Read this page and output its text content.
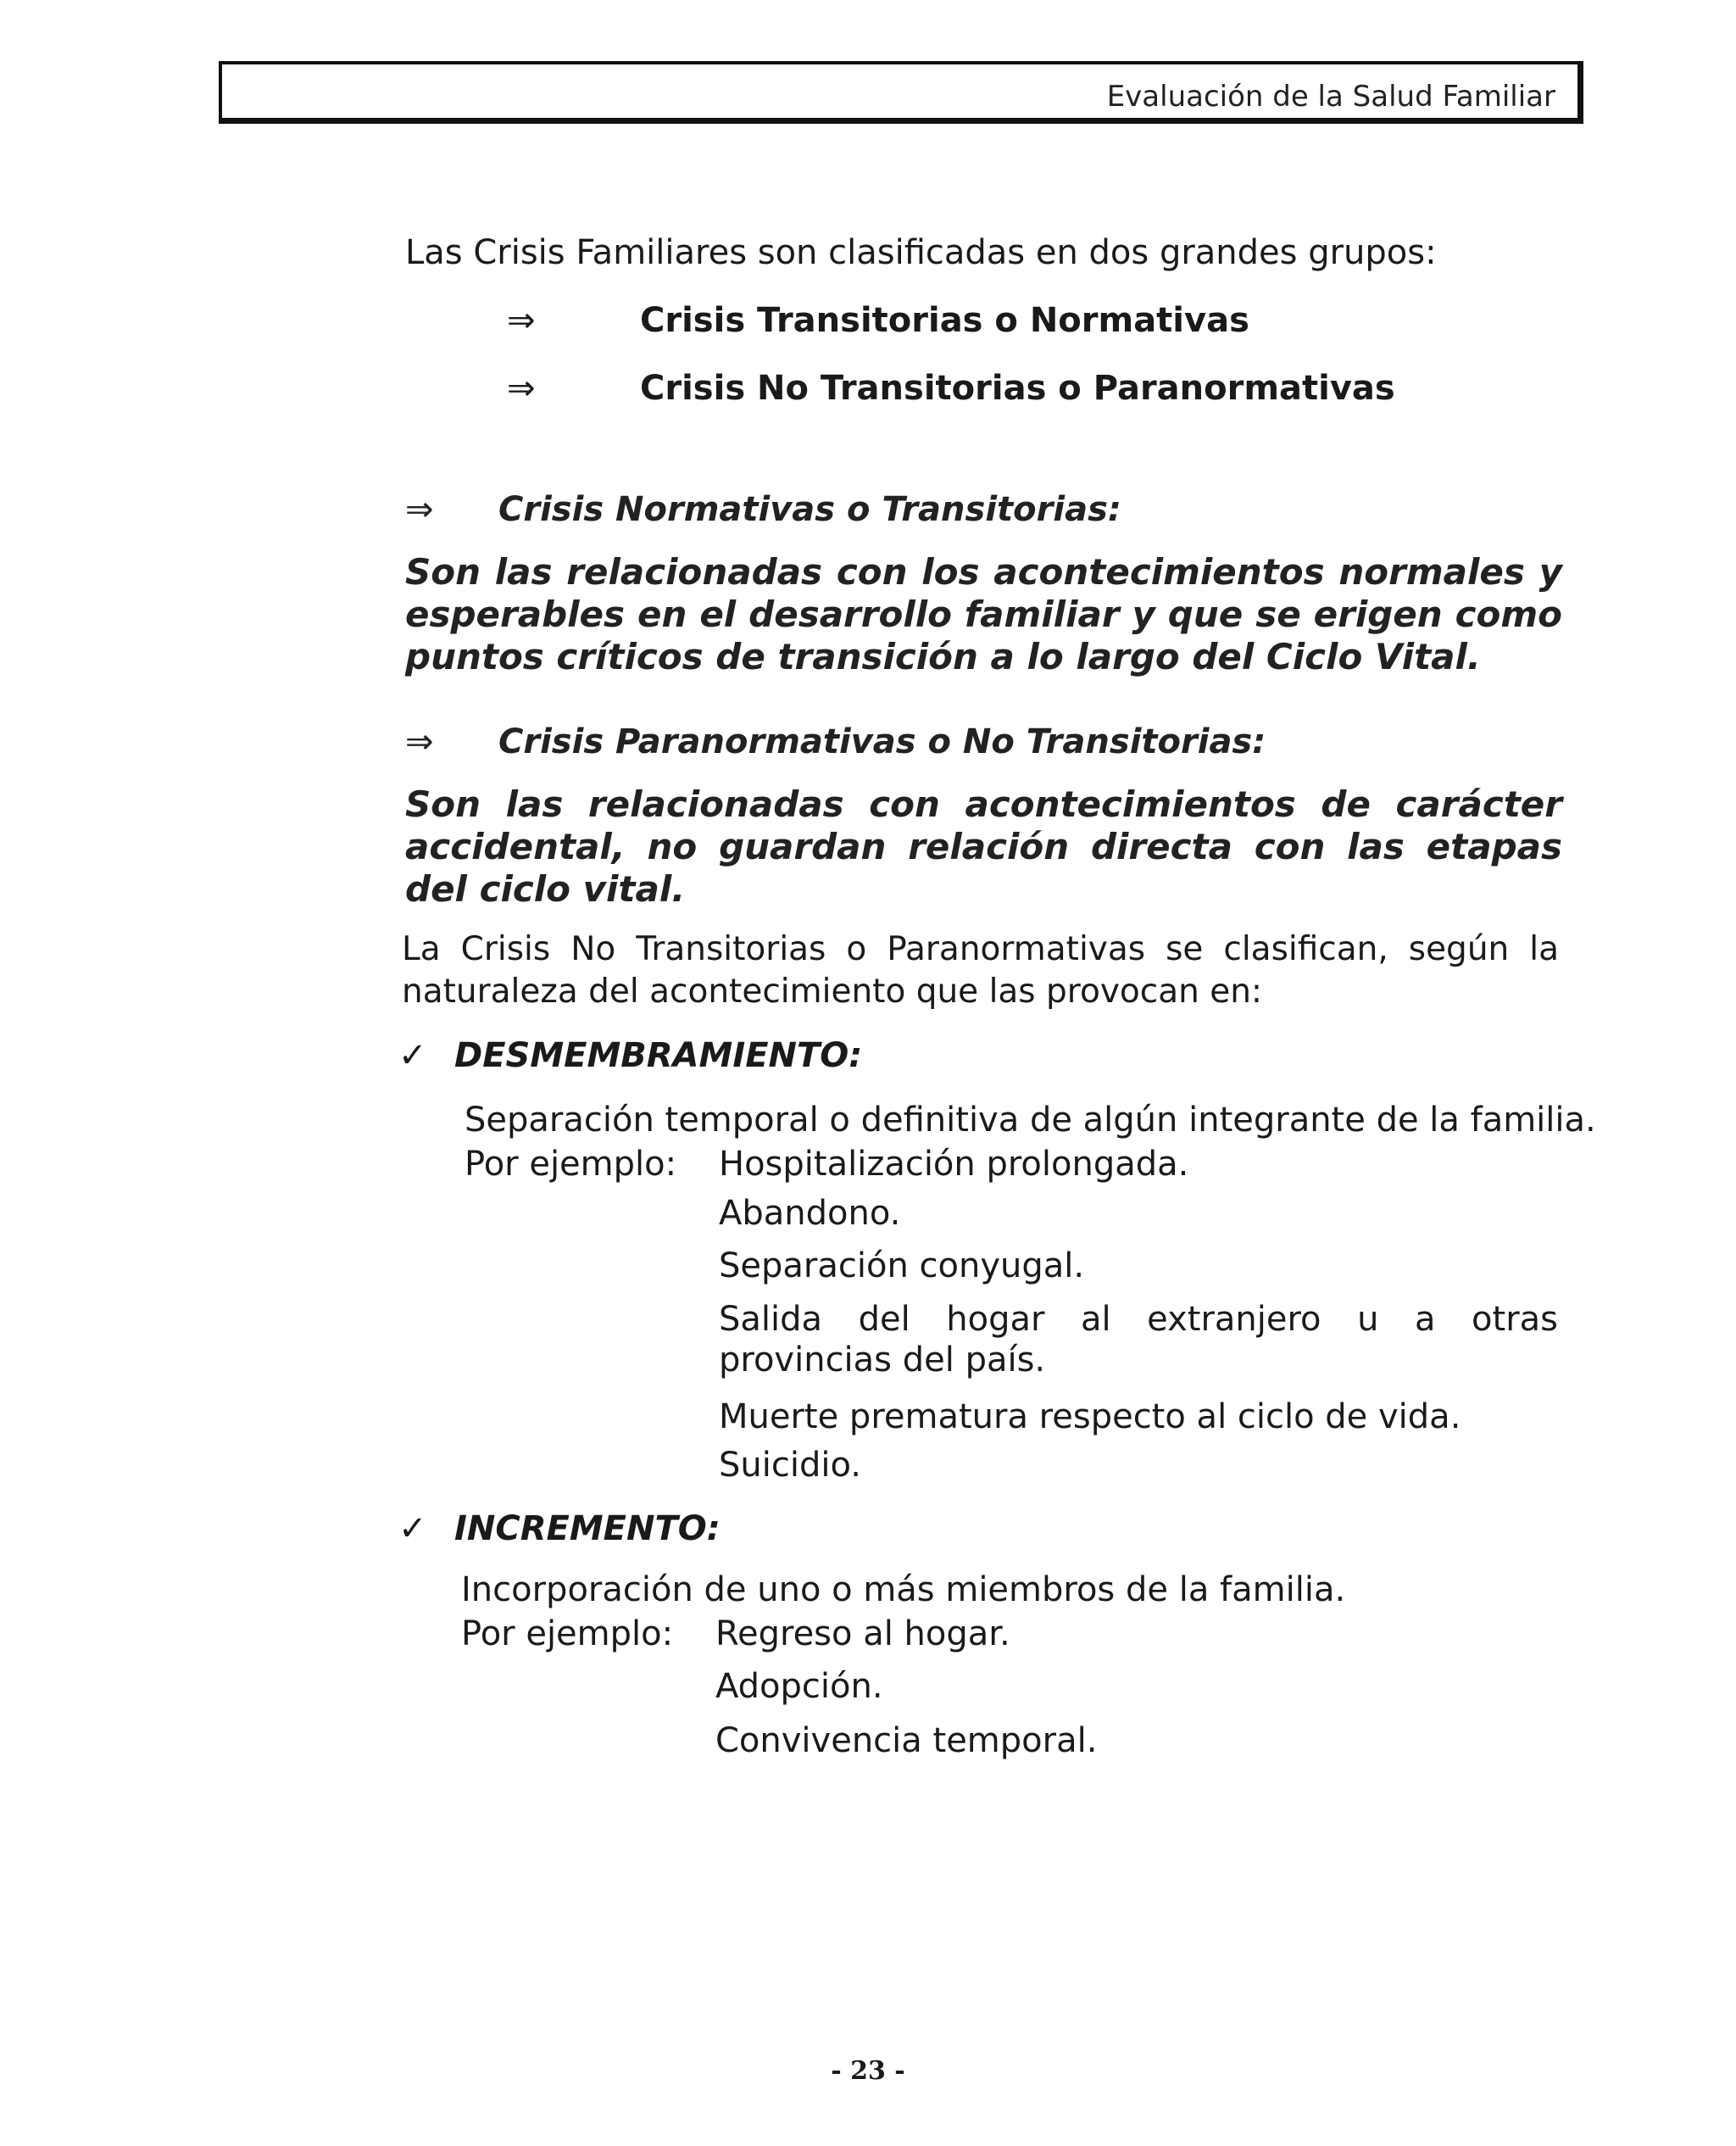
Evaluación de la Salud Familiar
Las Crisis Familiares son clasificadas en dos grandes grupos:
⇒	Crisis Transitorias o Normativas
⇒	Crisis No Transitorias o Paranormativas
⇒ Crisis Normativas o Transitorias:
Son las relacionadas con los acontecimientos normales y esperables en el desarrollo familiar y que se erigen como puntos críticos de transición a lo largo del Ciclo Vital.
⇒ Crisis Paranormativas o No Transitorias:
Son las relacionadas con acontecimientos de carácter accidental, no guardan relación directa con las etapas del ciclo vital.
La Crisis No Transitorias o Paranormativas se clasifican, según la naturaleza del acontecimiento que las provocan en:
✓ DESMEMBRAMIENTO:
Separación temporal o definitiva de algún integrante de la familia.
Por ejemplo: Hospitalización prolongada.
Abandono.
Separación conyugal.
Salida del hogar al extranjero u a otras provincias del país.
Muerte prematura respecto al ciclo de vida.
Suicidio.
✓ INCREMENTO:
Incorporación de uno o más miembros de la familia.
Por ejemplo: Regreso al hogar.
Adopción.
Convivencia temporal.
- 23 -
